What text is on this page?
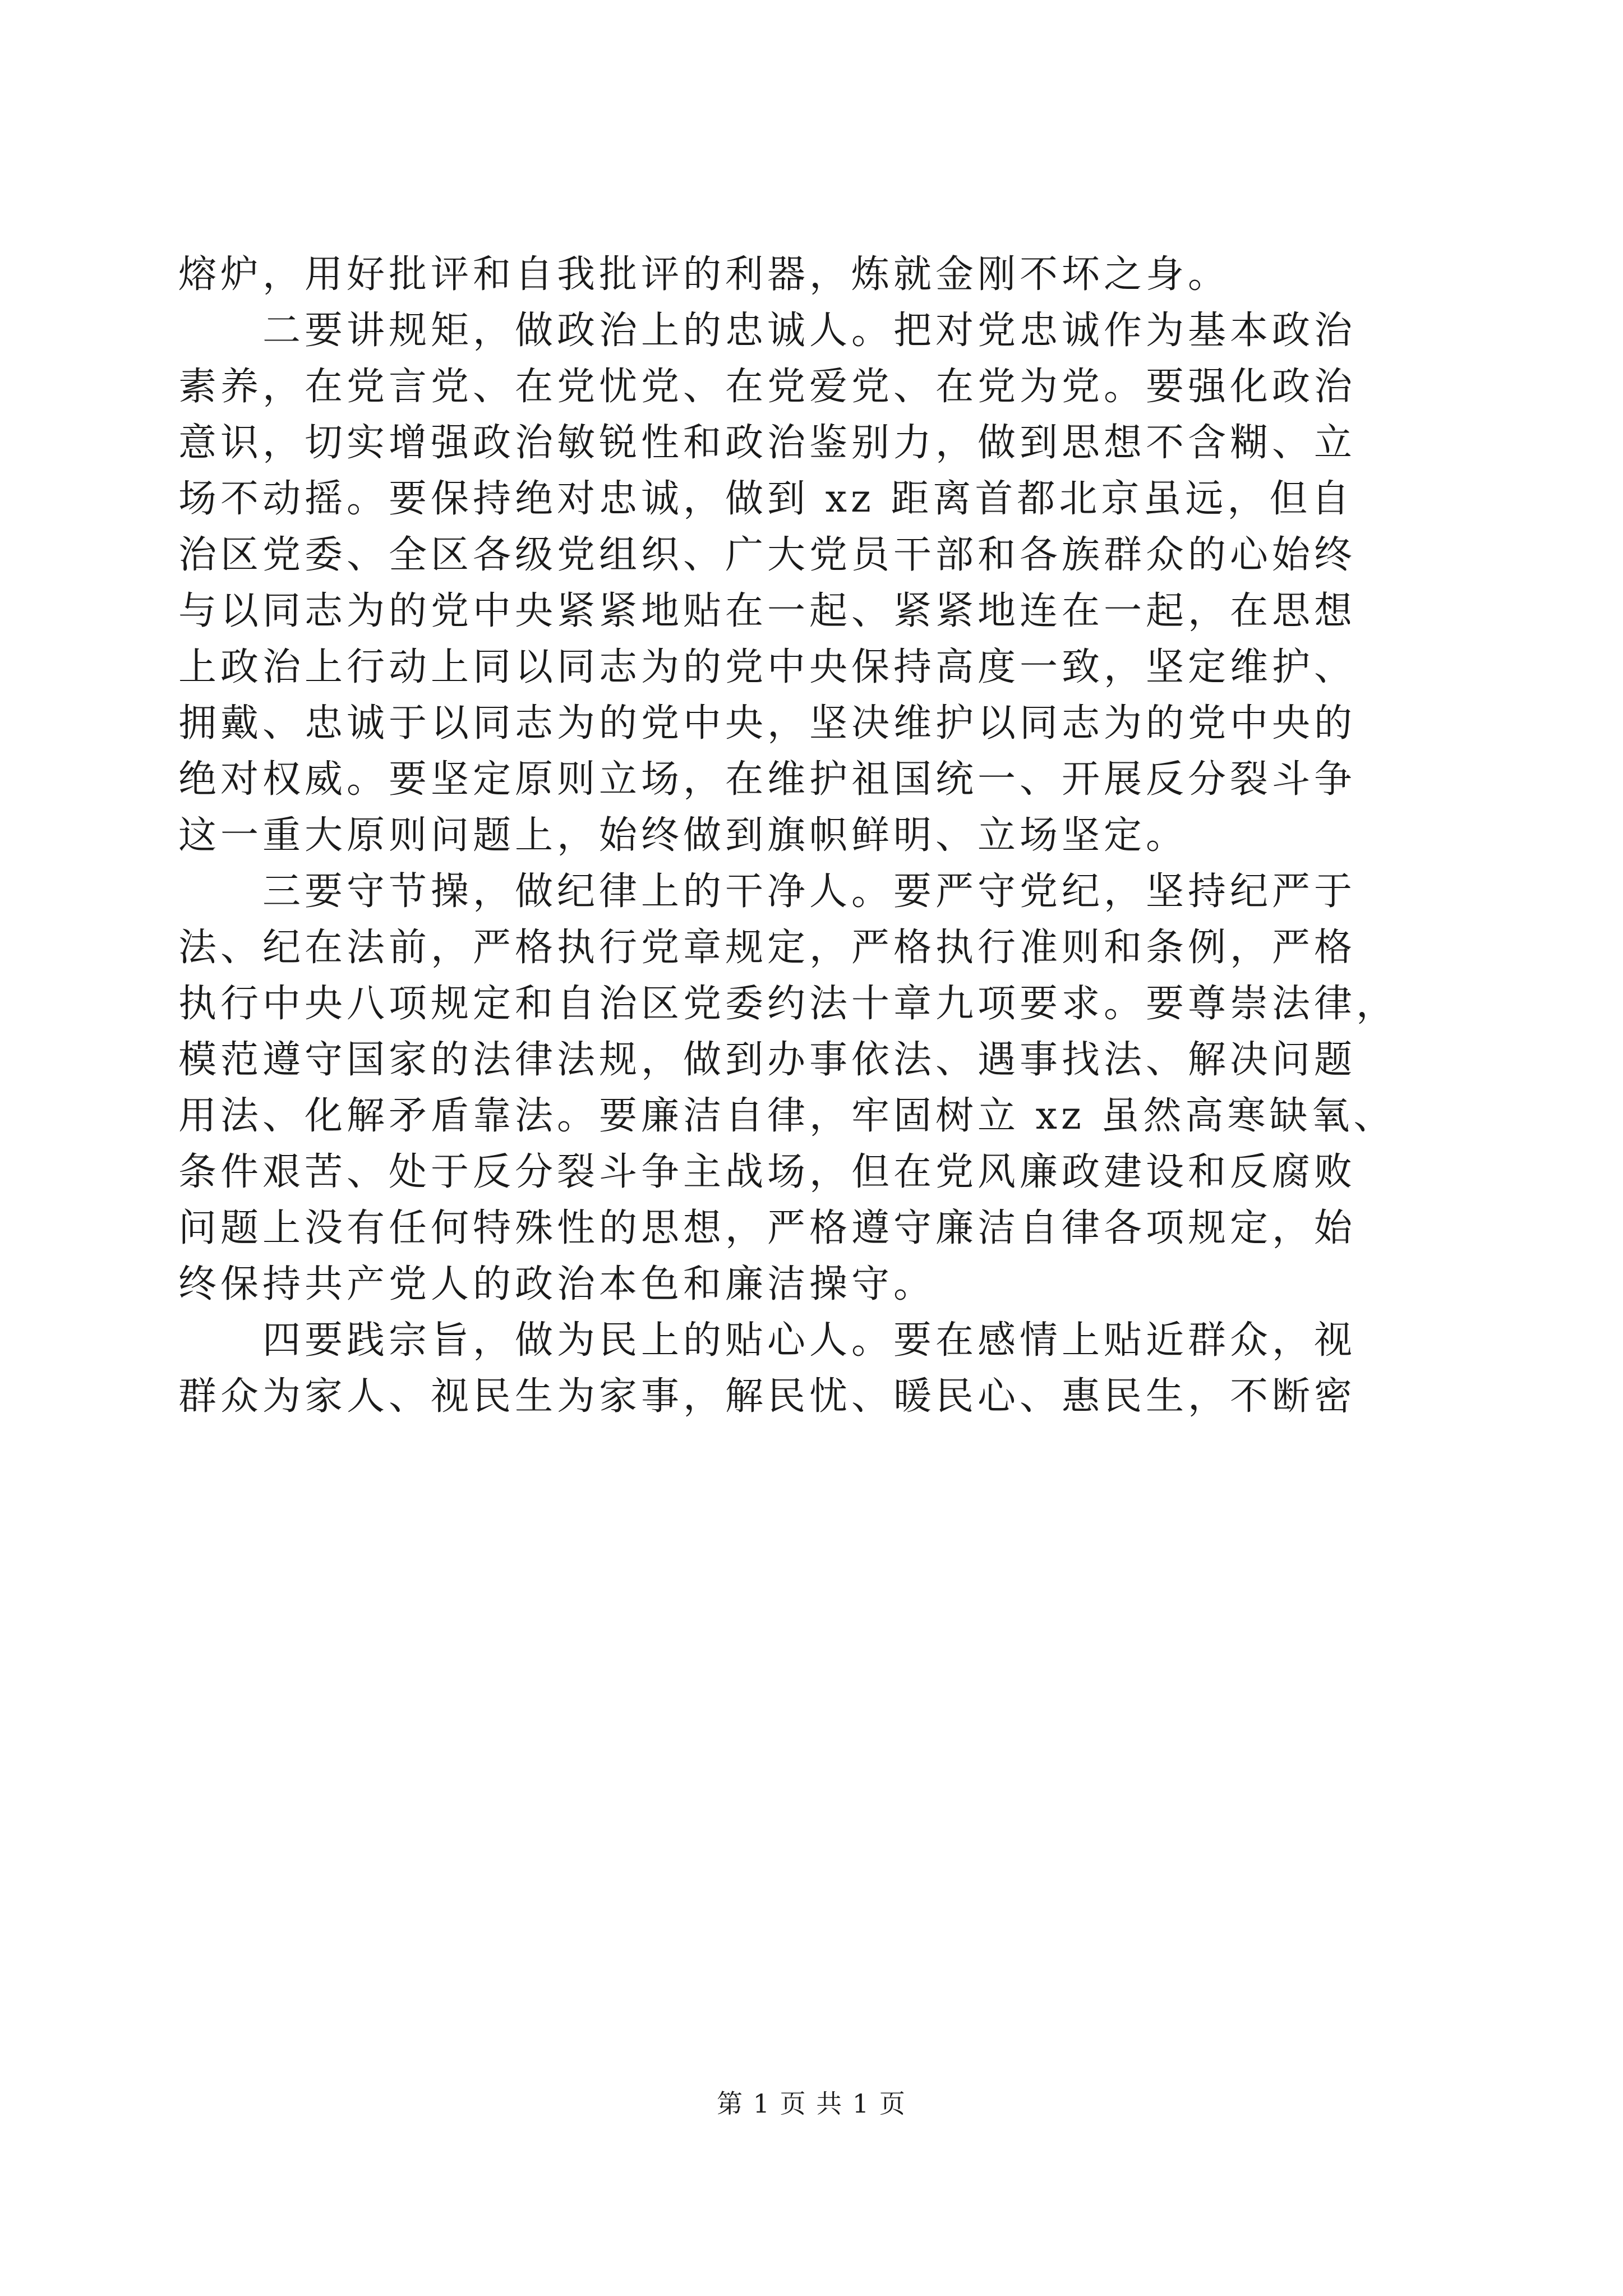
熔炉，用好批评和自我批评的利器，炼就金刚不坏之身。

二要讲规矩，做政治上的忠诚人。把对党忠诚作为基本政治

素养，在党言党、在党忧党、在党爱党、在党为党。要强化政治

意识，切实增强政治敏锐性和政治鉴别力，做到思想不含糊、立

场不动摇。要保持绝对忠诚，做到 xz 距离首都北京虽远，但自

治区党委、全区各级党组织、广大党员干部和各族群众的心始终

与以同志为的党中央紧紧地贴在一起、紧紧地连在一起，在思想

上政治上行动上同以同志为的党中央保持高度一致，坚定维护、

拥戴、忠诚于以同志为的党中央，坚决维护以同志为的党中央的

绝对权威。要坚定原则立场，在维护祖国统一、开展反分裂斗争

这一重大原则问题上，始终做到旗帜鲜明、立场坚定。

三要守节操，做纪律上的干净人。要严守党纪，坚持纪严于

法、纪在法前，严格执行党章规定，严格执行准则和条例，严格

执行中央八项规定和自治区党委约法十章九项要求。要尊崇法律，

模范遵守国家的法律法规，做到办事依法、遇事找法、解决问题

用法、化解矛盾靠法。要廉洁自律，牢固树立 xz 虽然高寒缺氧、

条件艰苦、处于反分裂斗争主战场，但在党风廉政建设和反腐败

问题上没有任何特殊性的思想，严格遵守廉洁自律各项规定，始

终保持共产党人的政治本色和廉洁操守。

四要践宗旨，做为民上的贴心人。要在感情上贴近群众，视

群众为家人、视民生为家事，解民忧、暖民心、惠民生，不断密

第 1 页 共 1 页
